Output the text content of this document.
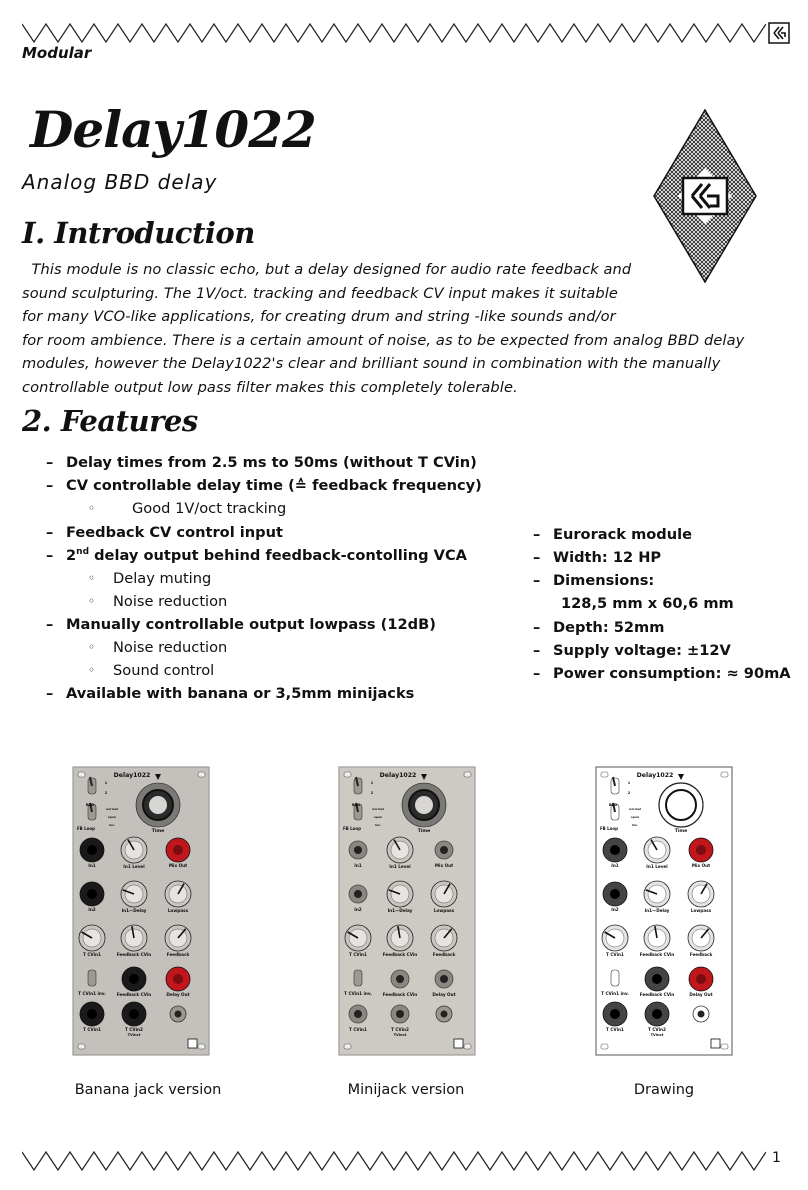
Modular
Delay1022
Analog BBD delay
I. Introduction
This module is no classic echo, but a delay designed for audio rate feedback and
sound sculpturing. The 1V/oct. tracking and feedback CV input makes it suitable
for many VCO-like applications, for creating drum and string -like sounds and/or
for room ambience. There is a certain amount of noise, as to be expected from analog BBD delay
modules, however the Delay1022's clear and brilliant sound in combination with the manually
controllable output low pass filter makes this completely tolerable.
2. Features
– Delay times from 2.5 ms to 50ms (without T CVin)
– CV controllable delay time (≙ feedback frequency)
◦	Good 1V/oct tracking
– Feedback CV control input
– 2nd delay output behind feedback-contolling VCA
◦ Delay muting
◦ Noise reduction
– Manually controllable output lowpass (12dB)
◦ Noise reduction
◦ Sound control
– Available with banana or 3,5mm minijacks
– Eurorack module
– Width: 12 HP
– Dimensions:
128,5 mm x 60,6 mm
– Depth: 52mm
– Supply voltage: ±12V
– Power consumption: ≈ 90mA
Delay1022
Time
1
2
BBD
normal
open
inv.
FB Loop
In1	In1 Level	Mix Out
In2	In1—Delay	Lowpass
T CVin1	Feedback CVin	Feedback
T CVin1 inv.	Feedback CVin	Delay Out
T CVin1	T CVin2
TVinct
Delay1022
Time
1
2
BBD
normal
open
inv.
FB Loop
In1	In1 Level	Mix Out
In2	In1—Delay	Lowpass
T CVin1	Feedback CVin	Feedback
T CVin1 inv.	Feedback CVin	Delay Out
T CVin1	T CVin2
TVinct
Delay1022
Time
1
2
BBD
normal
open
inv.
FB Loop
In1	In1 Level	Mix Out
In2	In1—Delay	Lowpass
T CVin1	Feedback CVin	Feedback
T CVin1 inv.	Feedback CVin	Delay Out
T CVin1	T CVin2
TVinct
Banana jack version	Minijack version	Drawing
1
